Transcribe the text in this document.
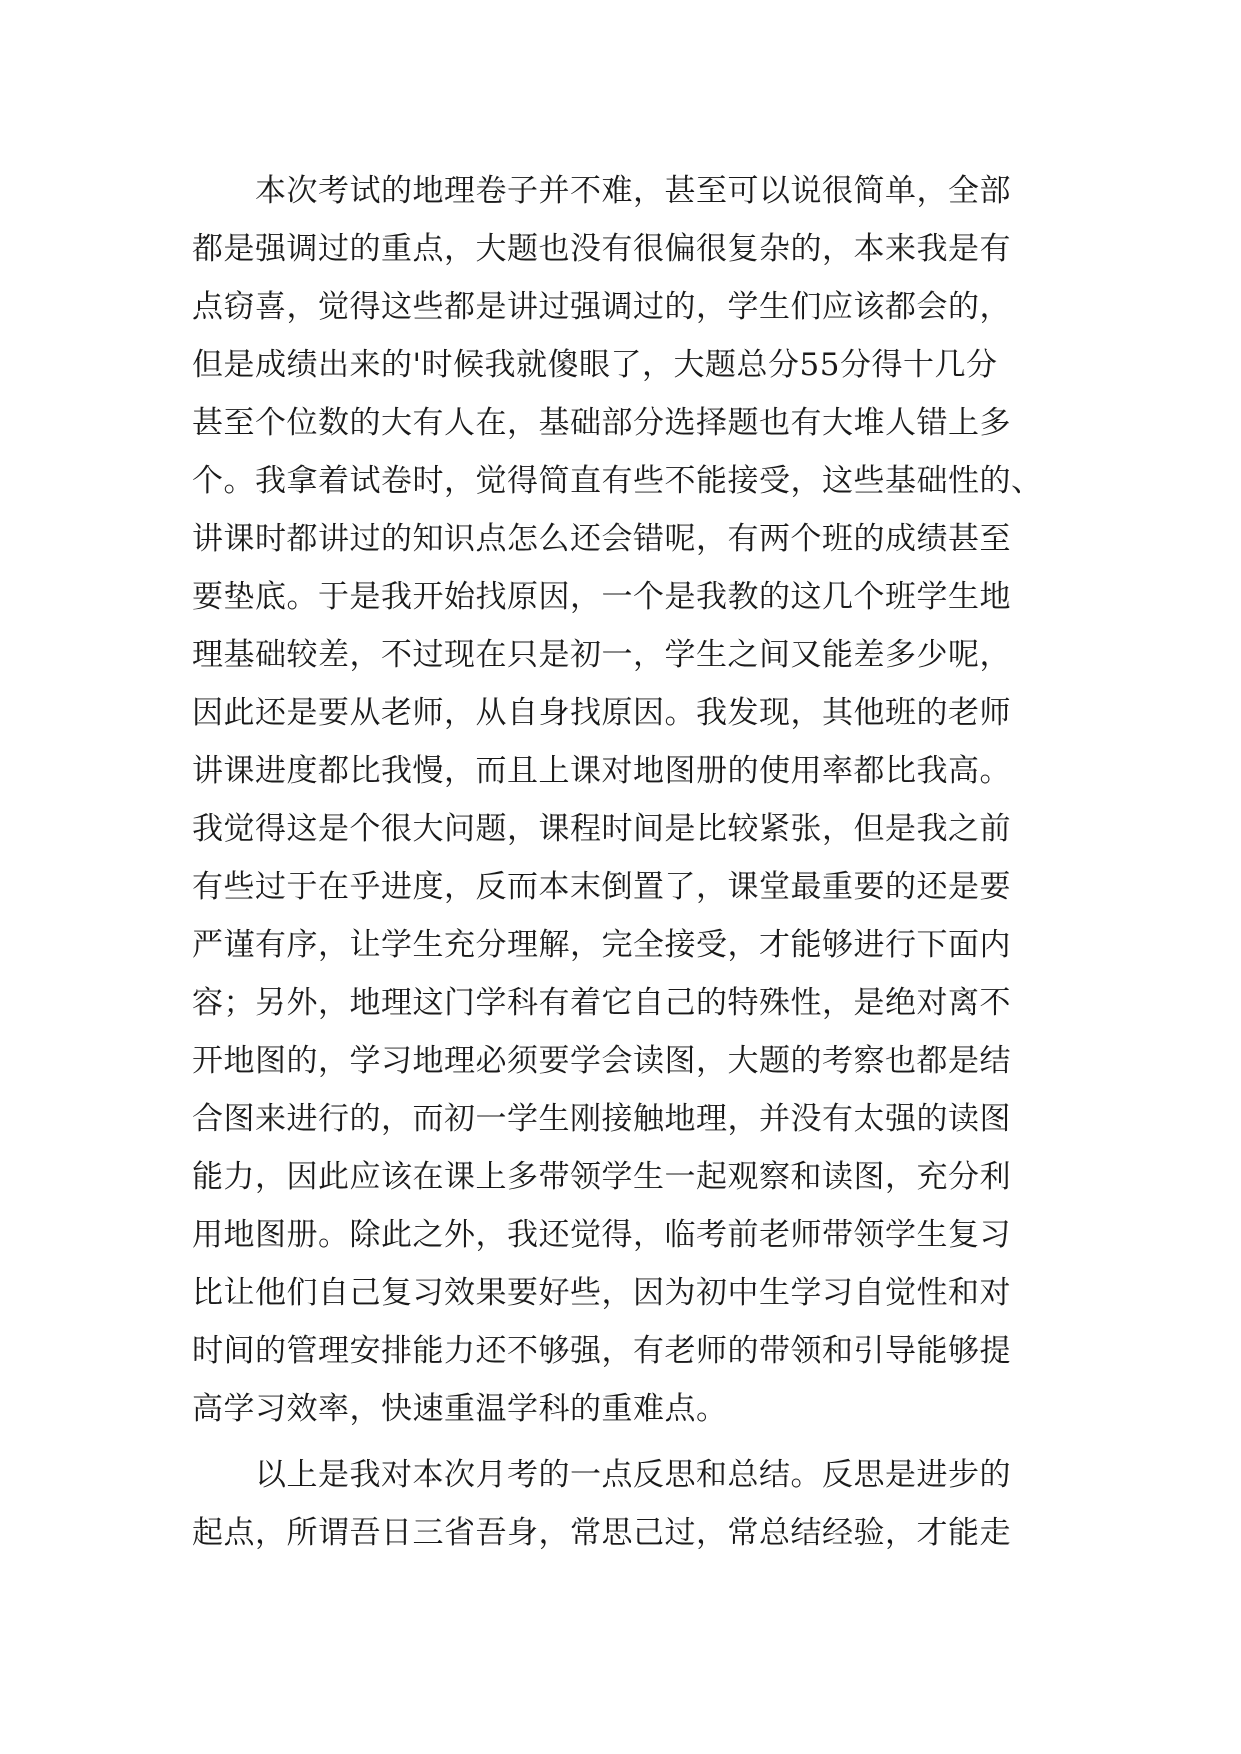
本次考试的地理卷子并不难，甚至可以说很简单，全部
都是强调过的重点，大题也没有很偏很复杂的，本来我是有
点窃喜，觉得这些都是讲过强调过的，学生们应该都会的，
但是成绩出来的'时候我就傻眼了，大题总分55分得十几分
甚至个位数的大有人在，基础部分选择题也有大堆人错上多
个。我拿着试卷时，觉得简直有些不能接受，这些基础性的、
讲课时都讲过的知识点怎么还会错呢，有两个班的成绩甚至
要垫底。于是我开始找原因，一个是我教的这几个班学生地
理基础较差，不过现在只是初一，学生之间又能差多少呢，
因此还是要从老师，从自身找原因。我发现，其他班的老师
讲课进度都比我慢，而且上课对地图册的使用率都比我高。
我觉得这是个很大问题，课程时间是比较紧张，但是我之前
有些过于在乎进度，反而本末倒置了，课堂最重要的还是要
严谨有序，让学生充分理解，完全接受，才能够进行下面内
容；另外，地理这门学科有着它自己的特殊性，是绝对离不
开地图的，学习地理必须要学会读图，大题的考察也都是结
合图来进行的，而初一学生刚接触地理，并没有太强的读图
能力，因此应该在课上多带领学生一起观察和读图，充分利
用地图册。除此之外，我还觉得，临考前老师带领学生复习
比让他们自己复习效果要好些，因为初中生学习自觉性和对
时间的管理安排能力还不够强，有老师的带领和引导能够提
高学习效率，快速重温学科的重难点。
以上是我对本次月考的一点反思和总结。反思是进步的
起点，所谓吾日三省吾身，常思己过，常总结经验，才能走
